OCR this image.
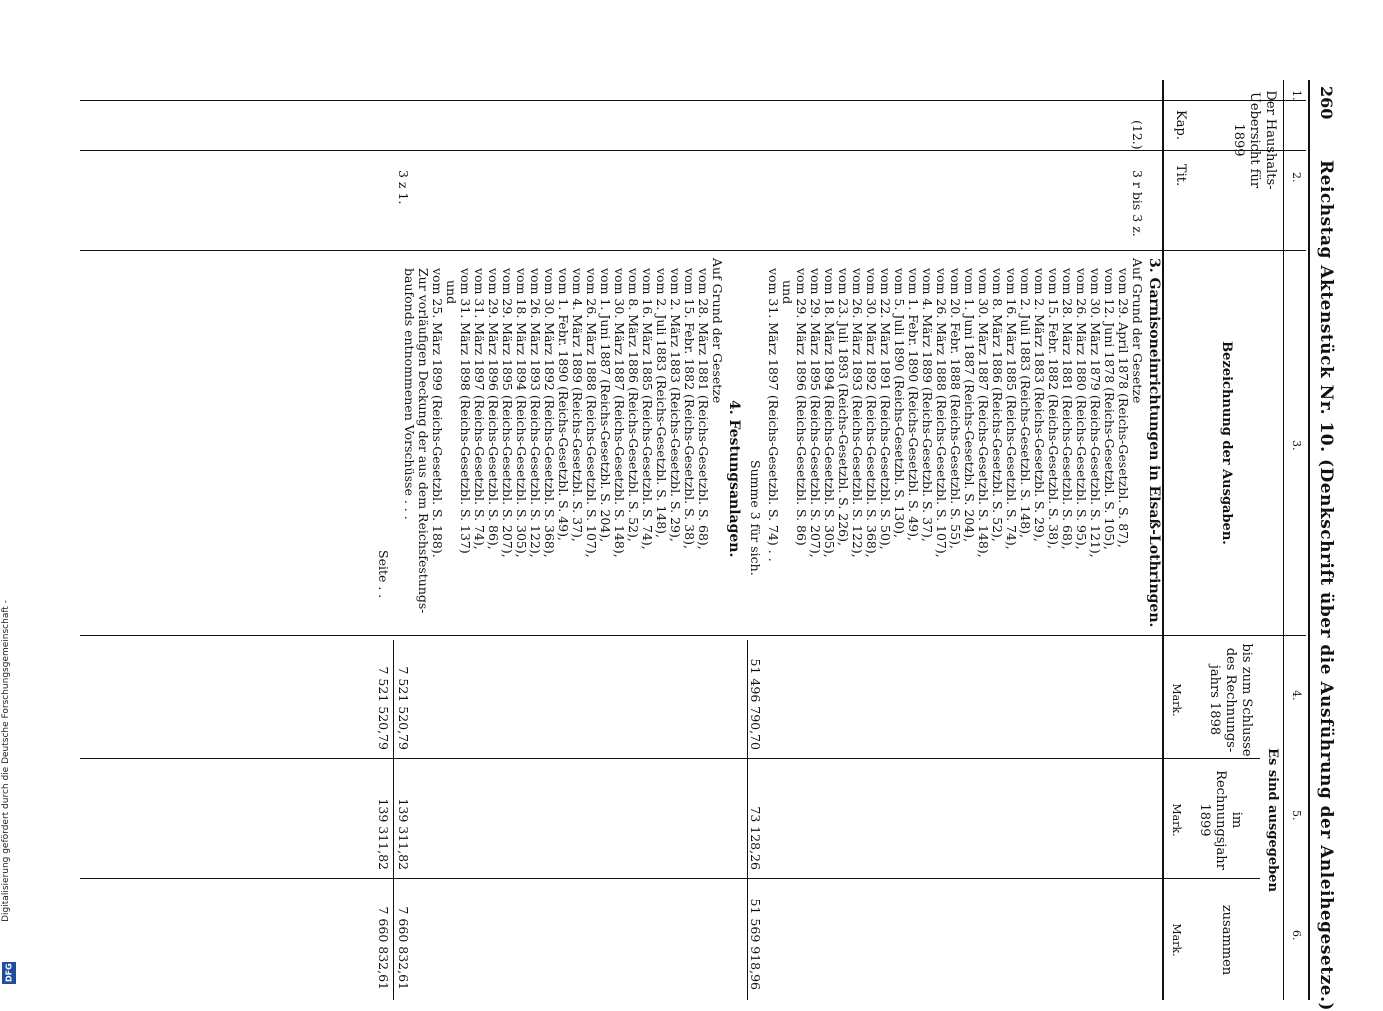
Digitalisierung gefördert durch die Deutsche Forschungsgemeinschaft -
DFG
260
Reichstag Aktenstück Nr. 10. (Denkschrift über die Ausführung der Anleihegesetze.)
1.
2.
3.
4.
5.
6.
Der Haushalts-Uebersicht für 1899
Kap.
Tit.
Bezeichnung der Ausgaben.
Es sind ausgegeben
bis zum Schlusse des Rechnungs-jahrs 1898
im Rechnungsjahr 1899
zusammen
Mark.
Mark.
Mark.
3. Garnisoneinrichtungen in Elsaß-Lothringen.
(12.)
3 r bis 3 z.
Auf Grund der Gesetze
vom 29. April 1878 (Reichs-Gesetzbl. S. 87),
vom 12. Juni 1878 (Reichs-Gesetzbl. S. 105),
vom 30. März 1879 (Reichs-Gesetzbl. S. 121),
vom 26. März 1880 (Reichs-Gesetzbl. S. 95),
vom 28. März 1881 (Reichs-Gesetzbl. S. 68),
vom 15. Febr. 1882 (Reichs-Gesetzbl. S. 38),
vom 2. März 1883 (Reichs-Gesetzbl. S. 29),
vom 2. Juli 1883 (Reichs-Gesetzbl. S. 148),
vom 16. März 1885 (Reichs-Gesetzbl. S. 74),
vom 8. März 1886 (Reichs-Gesetzbl. S. 52),
vom 30. März 1887 (Reichs-Gesetzbl. S. 148),
vom 1. Juni 1887 (Reichs-Gesetzbl. S. 204),
vom 20. Febr. 1888 (Reichs-Gesetzbl. S. 55),
vom 26. März 1888 (Reichs-Gesetzbl. S. 107),
vom 4. März 1889 (Reichs-Gesetzbl. S. 37),
vom 1. Febr. 1890 (Reichs-Gesetzbl. S. 49),
vom 5. Juli 1890 (Reichs-Gesetzbl. S. 130),
vom 22. März 1891 (Reichs-Gesetzbl. S. 50),
vom 30. März 1892 (Reichs-Gesetzbl. S. 368),
vom 26. März 1893 (Reichs-Gesetzbl. S. 122),
vom 23. Juli 1893 (Reichs-Gesetzbl. S. 226),
vom 18. März 1894 (Reichs-Gesetzbl. S. 305),
vom 29. März 1895 (Reichs-Gesetzbl. S. 207),
vom 29. März 1896 (Reichs-Gesetzbl. S. 86)
und
vom 31. März 1897 (Reichs-Gesetzbl. S. 74) . .
Summe 3 für sich.
51 496 790,70
73 128,26
51 569 918,96
4. Festungsanlagen.
Auf Grund der Gesetze
vom 28. März 1881 (Reichs-Gesetzbl. S. 68),
vom 15. Febr. 1882 (Reichs-Gesetzbl. S. 38),
vom 2. März 1883 (Reichs-Gesetzbl. S. 29),
vom 2. Juli 1883 (Reichs-Gesetzbl. S. 148),
vom 16. März 1885 (Reichs-Gesetzbl. S. 74),
vom 8. März 1886 (Reichs-Gesetzbl. S. 52),
vom 30. März 1887 (Reichs-Gesetzbl. S. 148),
vom 1. Juni 1887 (Reichs-Gesetzbl. S. 204),
vom 26. März 1888 (Reichs-Gesetzbl. S. 107),
vom 4. März 1889 (Reichs-Gesetzbl. S. 37),
vom 1. Febr. 1890 (Reichs-Gesetzbl. S. 49),
vom 30. März 1892 (Reichs-Gesetzbl. S. 368),
vom 26. März 1893 (Reichs-Gesetzbl. S. 122),
vom 18. März 1894 (Reichs-Gesetzbl. S. 305),
vom 29. März 1895 (Reichs-Gesetzbl. S. 207),
vom 29. März 1896 (Reichs-Gesetzbl. S. 86),
vom 31. März 1897 (Reichs-Gesetzbl. S. 74),
vom 31. März 1898 (Reichs-Gesetzbl. S. 137)
und
vom 25. März 1899 (Reichs-Gesetzbl. S. 188).
Zur vorläufigen Deckung der aus dem Reichsfestungs-
baufonds entnommenen Vorschüsse . . .
3 z 1.
7 521 520,79
139 311,82
7 660 832,61
Seite . .
7 521 520,79
139 311,82
7 660 832,61
